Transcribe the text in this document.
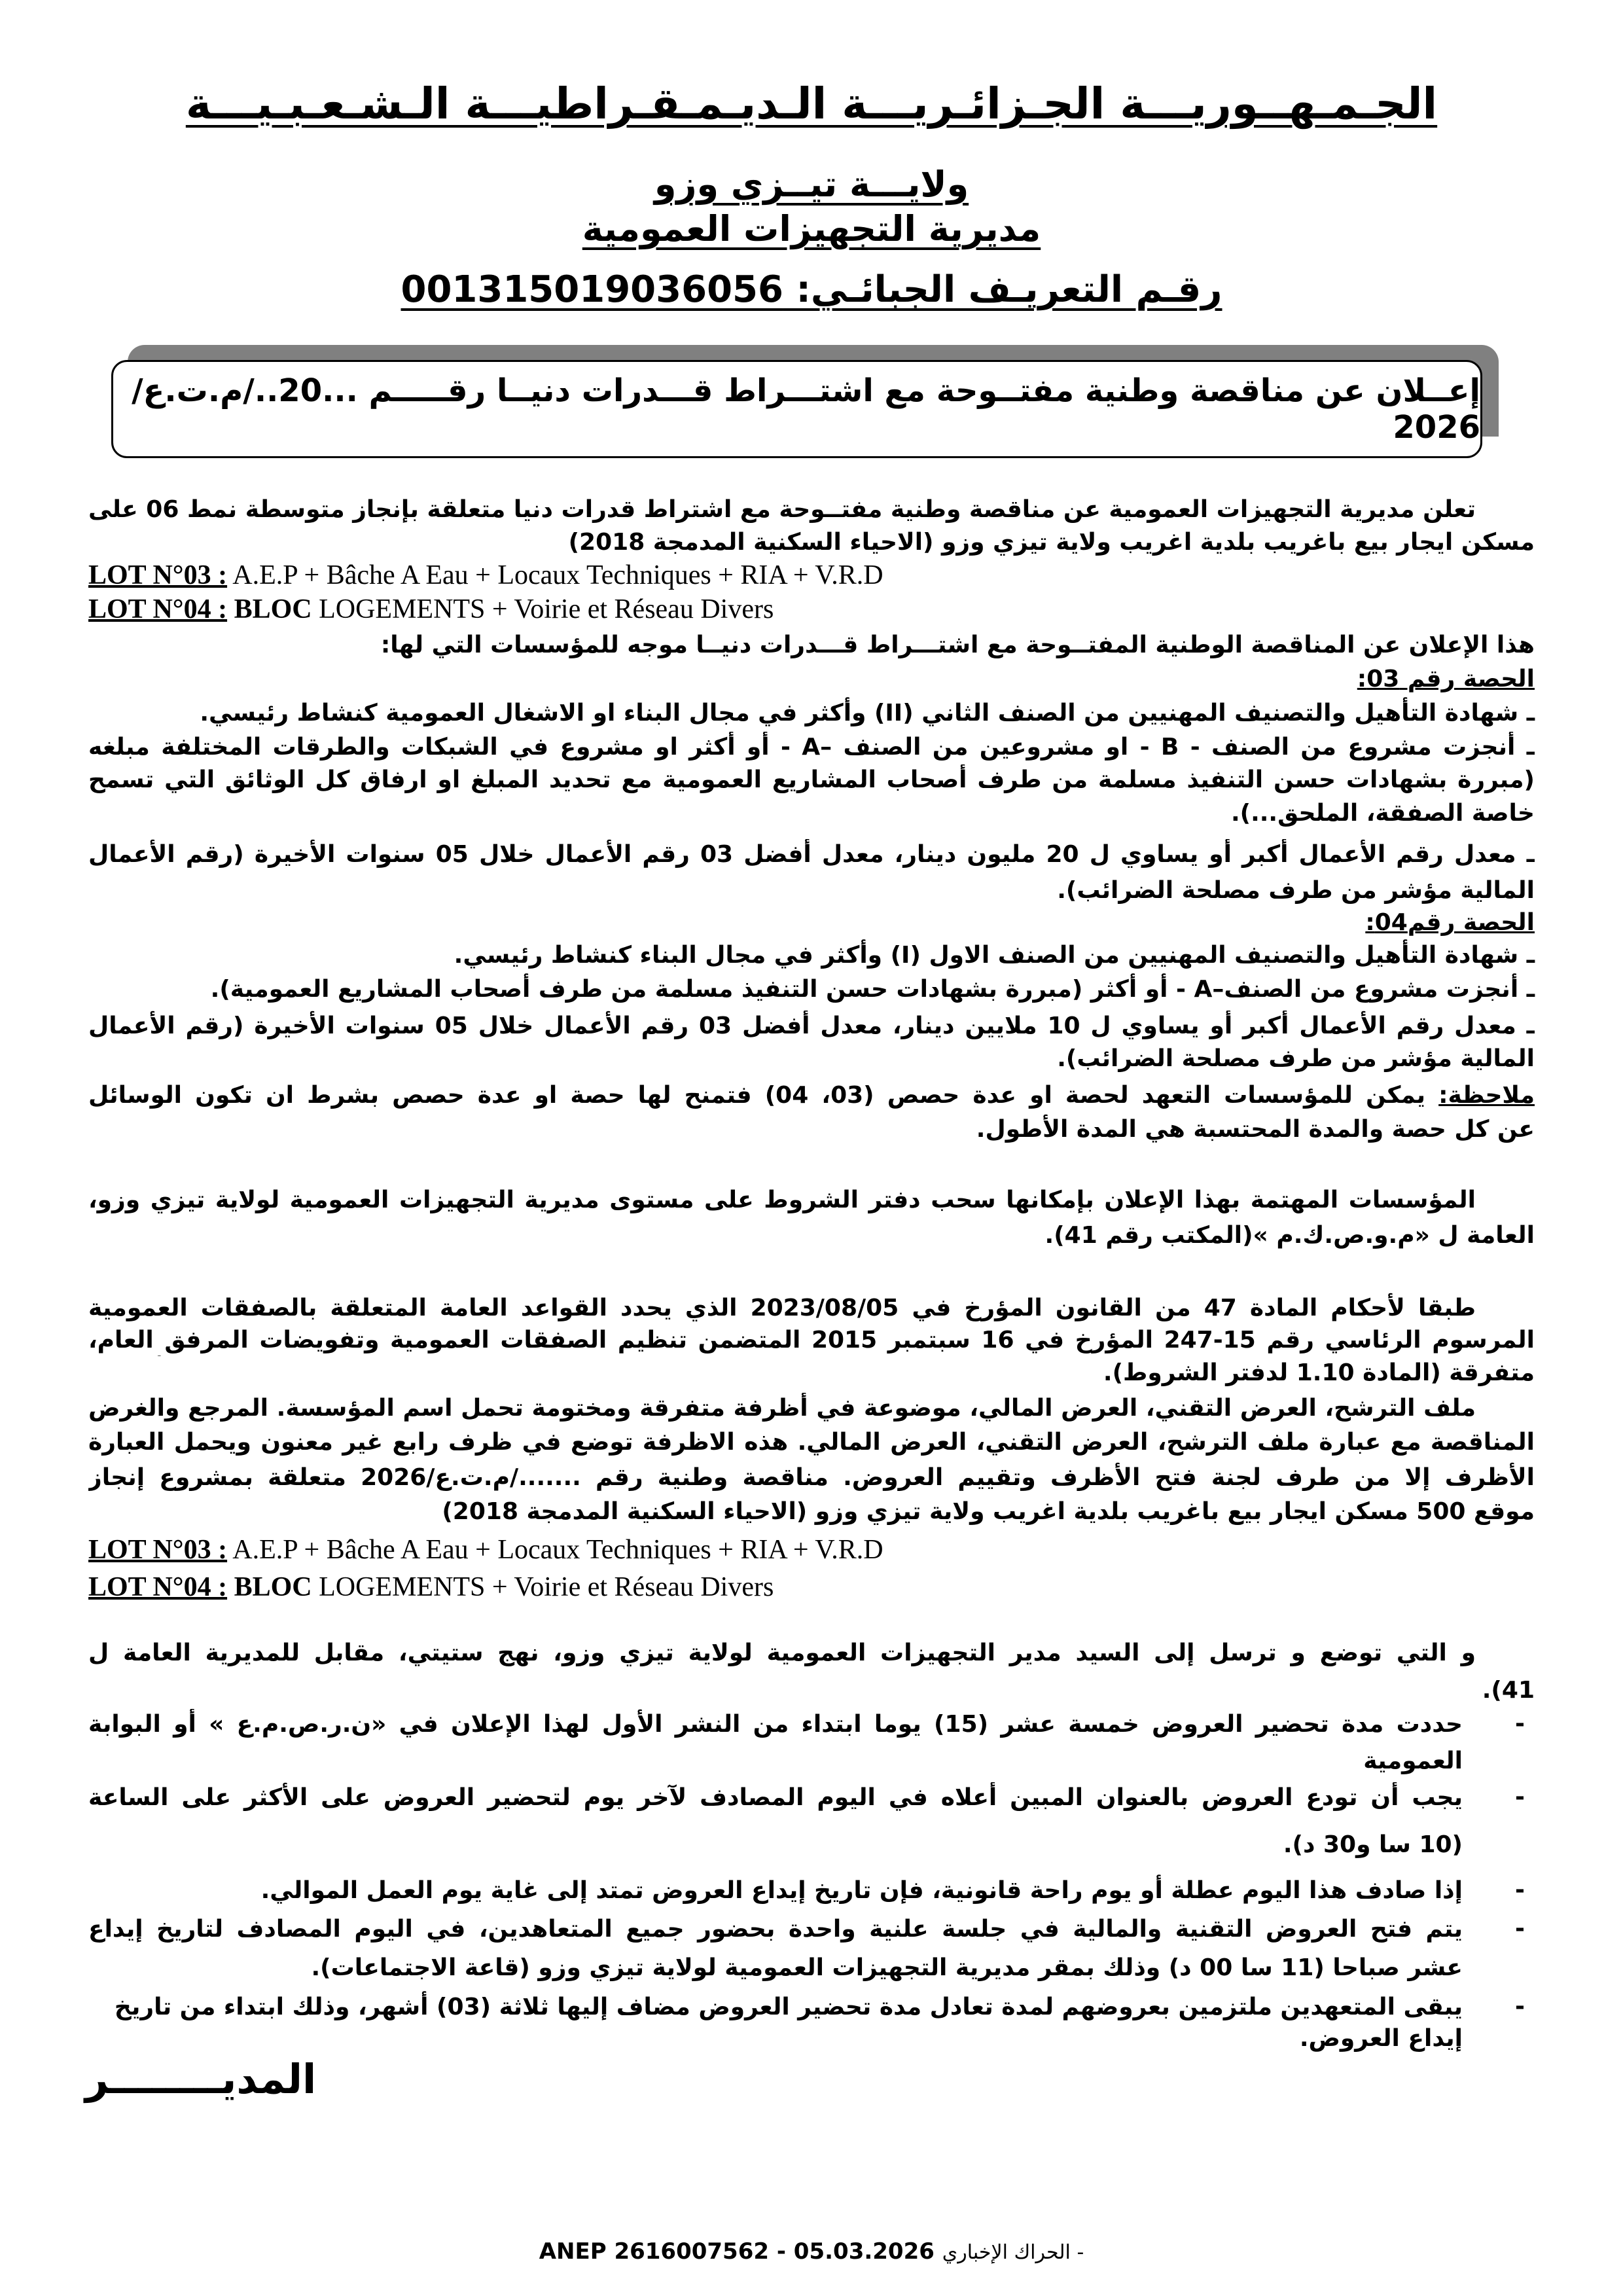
الجـمـهــوريـــة الجـزائـريـــة الـديـمـقـراطيـــة الـشـعـبـيـــة
ولايـــة تيــزي وزو
مديرية التجهيزات العمومية
رقـم التعريـف الجبائـي: 001315019036056
إعــلان عن مناقصة وطنية مفتــوحة مع اشتـــراط قـــدرات دنيــا رقـــــم ...20../م.ت.ع/ 2026
تعلن مديرية التجهيزات العمومية عن مناقصة وطنية مفتــوحة مع اشتراط قدرات دنيا متعلقة بإنجاز متوسطة نمط 06 على
مسكن ايجار بيع باغريب بلدية اغريب ولاية تيزي وزو (الاحياء السكنية المدمجة 2018)
LOT N°03 : A.E.P + Bâche A Eau + Locaux Techniques + RIA + V.R.D
LOT N°04 : BLOC LOGEMENTS + Voirie et Réseau Divers
هذا الإعلان عن المناقصة الوطنية المفتــوحة مع اشتـــراط قـــدرات دنيــا موجه للمؤسسات التي لها:
الحصة رقم 03:
ـ شهادة التأهيل والتصنيف المهنيين من الصنف الثاني (II) وأكثر في مجال البناء او الاشغال العمومية كنشاط رئيسي.
ـ أنجزت مشروع من الصنف - B - او مشروعين من الصنف –A - أو أكثر او مشروع في الشبكات والطرقات المختلفة مبلغه
(مبررة بشهادات حسن التنفيذ مسلمة من طرف أصحاب المشاريع العمومية مع تحديد المبلغ او ارفاق كل الوثائق التي تسمح
خاصة الصفقة، الملحق...).
ـ معدل رقم الأعمال أكبر أو يساوي ل 20 مليون دينار، معدل أفضل 03 رقم الأعمال خلال 05 سنوات الأخيرة (رقم الأعمال
المالية مؤشر من طرف مصلحة الضرائب).
الحصة رقم04:
ـ شهادة التأهيل والتصنيف المهنيين من الصنف الاول (I) وأكثر في مجال البناء كنشاط رئيسي.
ـ أنجزت مشروع من الصنف–A - أو أكثر (مبررة بشهادات حسن التنفيذ مسلمة من طرف أصحاب المشاريع العمومية).
ـ معدل رقم الأعمال أكبر أو يساوي ل 10 ملايين دينار، معدل أفضل 03 رقم الأعمال خلال 05 سنوات الأخيرة (رقم الأعمال
المالية مؤشر من طرف مصلحة الضرائب).
ملاحظة: يمكن للمؤسسات التعهد لحصة او عدة حصص (03، 04) فتمنح لها حصة او عدة حصص بشرط ان تكون الوسائل
عن كل حصة والمدة المحتسبة هي المدة الأطول.
المؤسسات المهتمة بهذا الإعلان بإمكانها سحب دفتر الشروط على مستوى مديرية التجهيزات العمومية لولاية تيزي وزو،
العامة ل «م.و.ص.ك.م »(المكتب رقم 41).
طبقا لأحكام المادة 47 من القانون المؤرخ في 2023/08/05 الذي يحدد القواعد العامة المتعلقة بالصفقات العمومية
المرسوم الرئاسي رقم 15-247 المؤرخ في 16 سبتمبر 2015 المتضمن تنظيم الصفقات العمومية وتفويضات المرفق العام،
متفرقة (المادة 1.10 لدفتر الشروط).
ملف الترشح، العرض التقني، العرض المالي، موضوعة في أظرفة متفرقة ومختومة تحمل اسم المؤسسة. المرجع والغرض
المناقصة مع عبارة ملف الترشح، العرض التقني، العرض المالي. هذه الاظرفة توضع في ظرف رابع غير معنون ويحمل العبارة
الأظرف إلا من طرف لجنة فتح الأظرف وتقييم العروض. مناقصة وطنية رقم ......./م.ت.ع/2026 متعلقة بمشروع إنجاز
موقع 500 مسكن ايجار بيع باغريب بلدية اغريب ولاية تيزي وزو (الاحياء السكنية المدمجة 2018)
LOT N°03 : A.E.P + Bâche A Eau + Locaux Techniques + RIA + V.R.D
LOT N°04 : BLOC LOGEMENTS + Voirie et Réseau Divers
و التي توضع و ترسل إلى السيد مدير التجهيزات العمومية لولاية تيزي وزو، نهج ستيتي، مقابل للمديرية العامة ل
41).
-
حددت مدة تحضير العروض خمسة عشر (15) يوما ابتداء من النشر الأول لهذا الإعلان في «ن.ر.ص.م.ع » أو البوابة
العمومية
-
يجب أن تودع العروض بالعنوان المبين أعلاه في اليوم المصادف لآخر يوم لتحضير العروض على الأكثر على الساعة
(10 سا و30 د).
-
إذا صادف هذا اليوم عطلة أو يوم راحة قانونية، فإن تاريخ إيداع العروض تمتد إلى غاية يوم العمل الموالي.
-
يتم فتح العروض التقنية والمالية في جلسة علنية واحدة بحضور جميع المتعاهدين، في اليوم المصادف لتاريخ إيداع
عشر صباحا (11 سا 00 د) وذلك بمقر مديرية التجهيزات العمومية لولاية تيزي وزو (قاعة الاجتماعات).
-
يبقى المتعهدين ملتزمين بعروضهم لمدة تعادل مدة تحضير العروض مضاف إليها ثلاثة (03) أشهر، وذلك ابتداء من تاريخ إيداع العروض.
المديــــــــر
ANEP 2616007562 - 05.03.2026 الحراك الإخباري -
